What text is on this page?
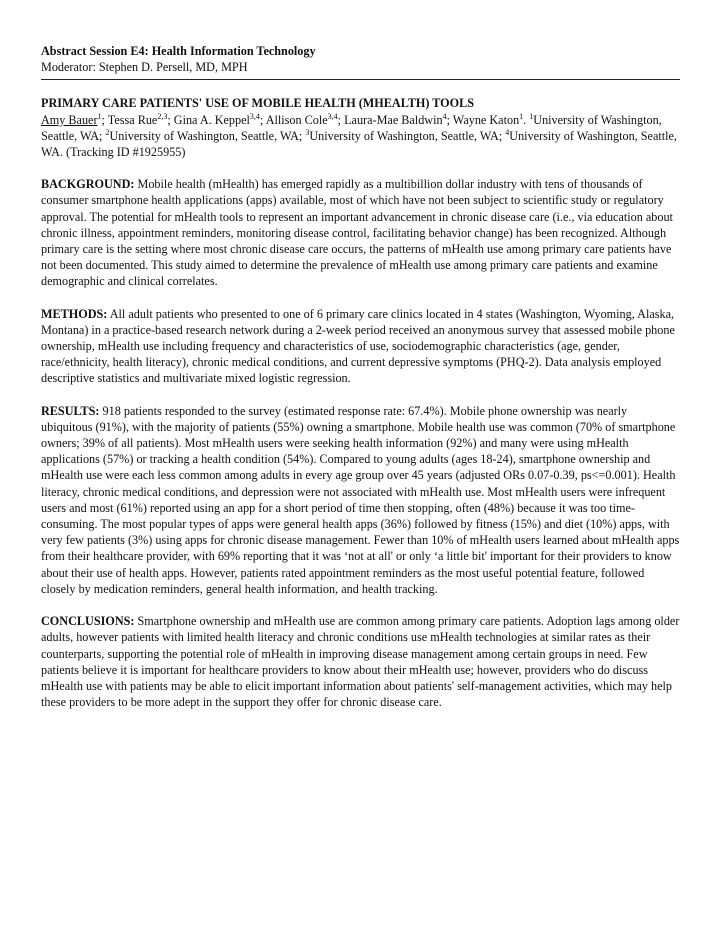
Abstract Session E4: Health Information Technology
Moderator: Stephen D. Persell, MD, MPH
PRIMARY CARE PATIENTS' USE OF MOBILE HEALTH (MHEALTH) TOOLS
Amy Bauer$^1$; Tessa Rue$^{2,3}$; Gina A. Keppel$^{3,4}$; Allison Cole$^{3,4}$; Laura-Mae Baldwin$^4$; Wayne Katon$^1$. $^1$University of Washington, Seattle, WA; $^2$University of Washington, Seattle, WA; $^3$University of Washington, Seattle, WA; $^4$University of Washington, Seattle, WA. (Tracking ID #1925955)

BACKGROUND: Mobile health (mHealth) has emerged rapidly as a multibillion dollar industry with tens of thousands of consumer smartphone health applications (apps) available, most of which have not been subject to scientific study or regulatory approval. The potential for mHealth tools to represent an important advancement in chronic disease care (i.e., via education about chronic illness, appointment reminders, monitoring disease control, facilitating behavior change) has been recognized. Although primary care is the setting where most chronic disease care occurs, the patterns of mHealth use among primary care patients have not been documented. This study aimed to determine the prevalence of mHealth use among primary care patients and examine demographic and clinical correlates.

METHODS: All adult patients who presented to one of 6 primary care clinics located in 4 states (Washington, Wyoming, Alaska, Montana) in a practice-based research network during a 2-week period received an anonymous survey that assessed mobile phone ownership, mHealth use including frequency and characteristics of use, sociodemographic characteristics (age, gender, race/ethnicity, health literacy), chronic medical conditions, and current depressive symptoms (PHQ-2). Data analysis employed descriptive statistics and multivariate mixed logistic regression.

RESULTS: 918 patients responded to the survey (estimated response rate: 67.4%). Mobile phone ownership was nearly ubiquitous (91%), with the majority of patients (55%) owning a smartphone. Mobile health use was common (70% of smartphone owners; 39% of all patients). Most mHealth users were seeking health information (92%) and many were using mHealth applications (57%) or tracking a health condition (54%). Compared to young adults (ages 18-24), smartphone ownership and mHealth use were each less common among adults in every age group over 45 years (adjusted ORs 0.07-0.39, ps<=0.001). Health literacy, chronic medical conditions, and depression were not associated with mHealth use. Most mHealth users were infrequent users and most (61%) reported using an app for a short period of time then stopping, often (48%) because it was too time-consuming. The most popular types of apps were general health apps (36%) followed by fitness (15%) and diet (10%) apps, with very few patients (3%) using apps for chronic disease management. Fewer than 10% of mHealth users learned about mHealth apps from their healthcare provider, with 69% reporting that it was ‘not at all' or only ‘a little bit' important for their providers to know about their use of health apps. However, patients rated appointment reminders as the most useful potential feature, followed closely by medication reminders, general health information, and health tracking.

CONCLUSIONS: Smartphone ownership and mHealth use are common among primary care patients. Adoption lags among older adults, however patients with limited health literacy and chronic conditions use mHealth technologies at similar rates as their counterparts, supporting the potential role of mHealth in improving disease management among certain groups in need. Few patients believe it is important for healthcare providers to know about their mHealth use; however, providers who do discuss mHealth use with patients may be able to elicit important information about patients' self-management activities, which may help these providers to be more adept in the support they offer for chronic disease care.
